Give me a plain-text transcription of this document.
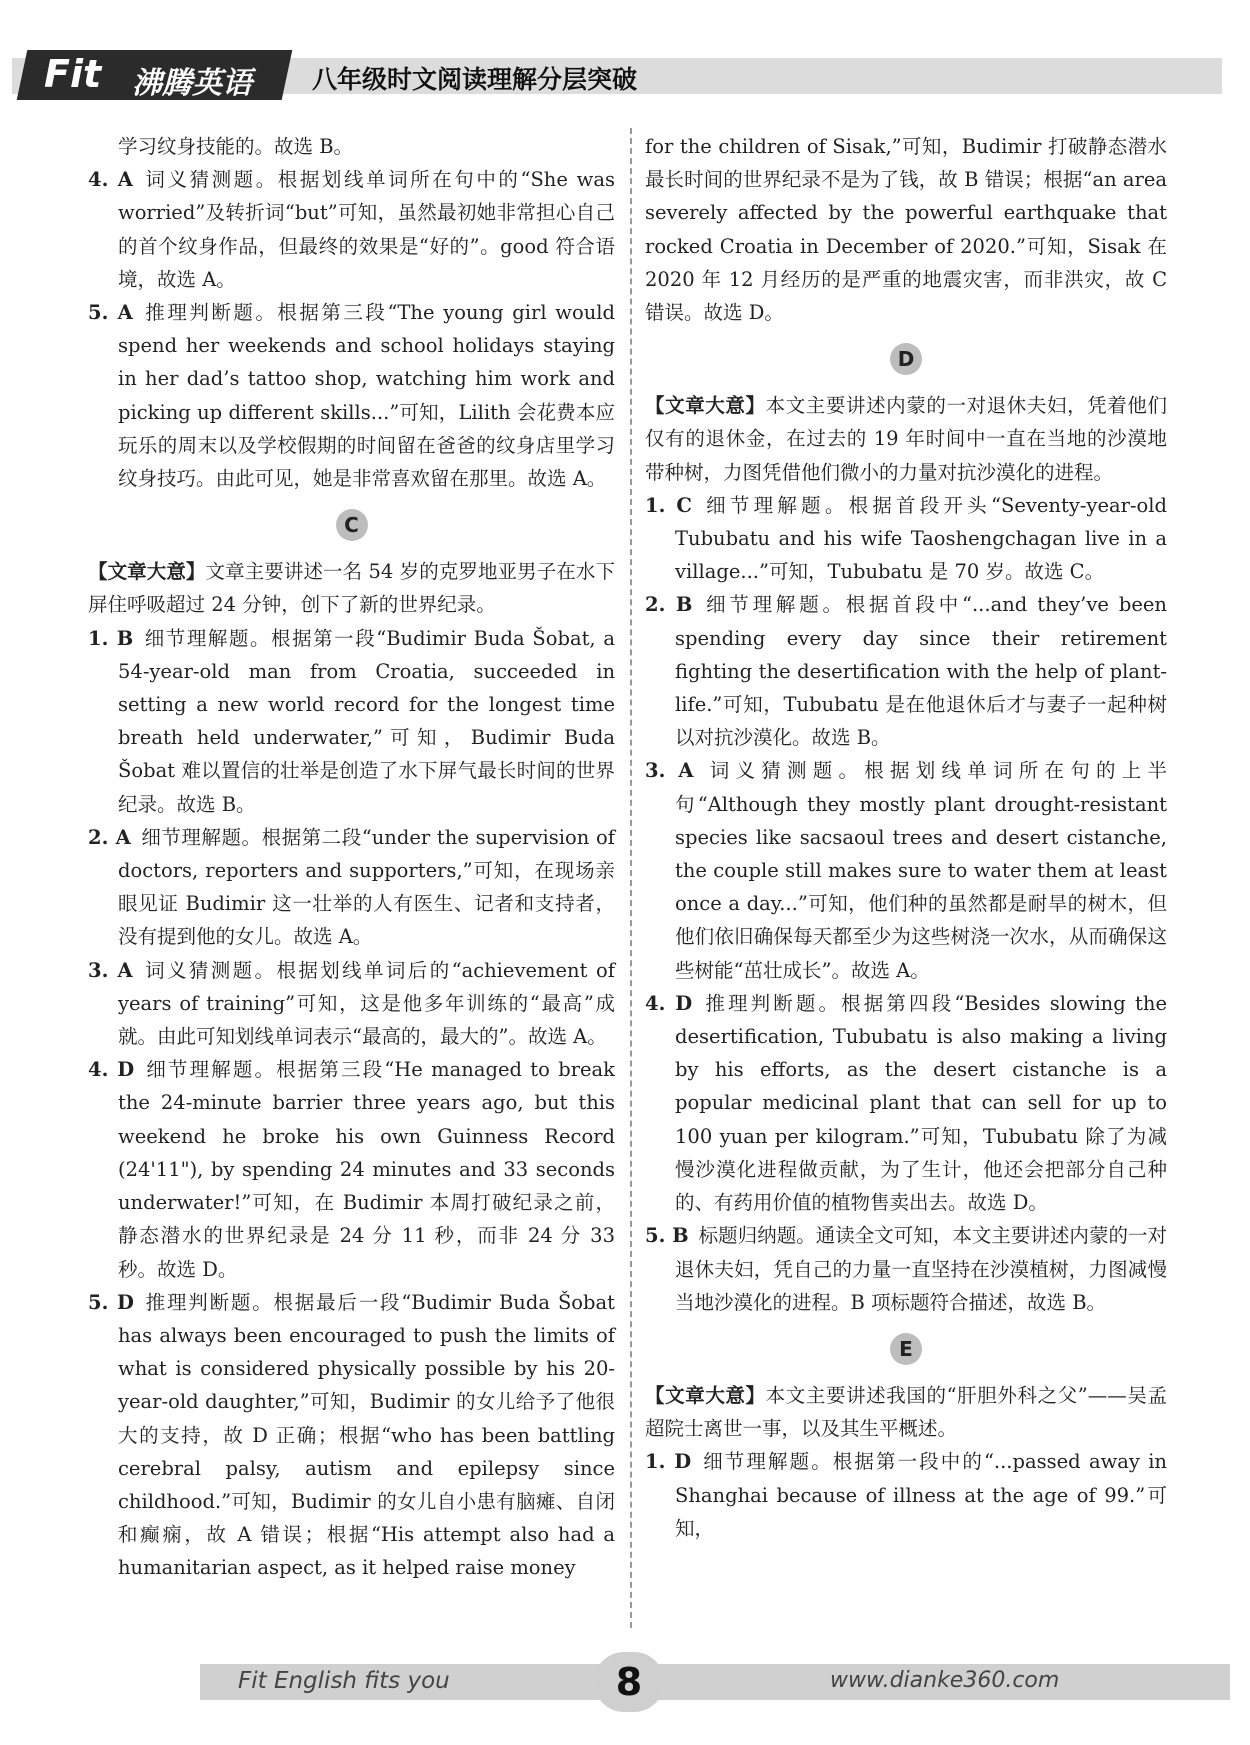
Fit 沸腾英语 八年级时文阅读理解分层突破

学习纹身技能的。故选 B。

4. A 词义猜测题。根据划线单词所在句中的“She was worried”及转折词“but”可知，虽然最初她非常担心自己的首个纹身作品，但最终的效果是“好的”。good 符合语境，故选 A。

5. A 推理判断题。根据第三段“The young girl would spend her weekends and school holidays staying in her dad’s tattoo shop, watching him work and picking up different skills...”可知，Lilith 会花费本应玩乐的周末以及学校假期的时间留在爸爸的纹身店里学习纹身技巧。由此可见，她是非常喜欢留在那里。故选 A。

C

【文章大意】文章主要讲述一名 54 岁的克罗地亚男子在水下屏住呼吸超过 24 分钟，创下了新的世界纪录。

1. B 细节理解题。根据第一段“Budimir Buda Šobat, a 54-year-old man from Croatia, succeeded in setting a new world record for the longest time breath held underwater,”可知，Budimir Buda Šobat 难以置信的壮举是创造了水下屏气最长时间的世界纪录。故选 B。

2. A 细节理解题。根据第二段“under the supervision of doctors, reporters and supporters,”可知，在现场亲眼见证 Budimir 这一壮举的人有医生、记者和支持者，没有提到他的女儿。故选 A。

3. A 词义猜测题。根据划线单词后的“achievement of years of training”可知，这是他多年训练的“最高”成就。由此可知划线单词表示“最高的，最大的”。故选 A。

4. D 细节理解题。根据第三段“He managed to break the 24-minute barrier three years ago, but this weekend he broke his own Guinness Record (24'11"), by spending 24 minutes and 33 seconds underwater!”可知，在 Budimir 本周打破纪录之前，静态潜水的世界纪录是 24 分 11 秒，而非 24 分 33 秒。故选 D。

5. D 推理判断题。根据最后一段“Budimir Buda Šobat has always been encouraged to push the limits of what is considered physically possible by his 20-year-old daughter,”可知，Budimir 的女儿给予了他很大的支持，故 D 正确；根据“who has been battling cerebral palsy, autism and epilepsy since childhood.”可知，Budimir 的女儿自小患有脑瘫、自闭和癫痫，故 A 错误；根据“His attempt also had a humanitarian aspect, as it helped raise money

for the children of Sisak,”可知，Budimir 打破静态潜水最长时间的世界纪录不是为了钱，故 B 错误；根据“an area severely affected by the powerful earthquake that rocked Croatia in December of 2020.”可知，Sisak 在 2020 年 12 月经历的是严重的地震灾害，而非洪灾，故 C 错误。故选 D。

D

【文章大意】本文主要讲述内蒙的一对退休夫妇，凭着他们仅有的退休金，在过去的 19 年时间中一直在当地的沙漠地带种树，力图凭借他们微小的力量对抗沙漠化的进程。

1. C 细节理解题。根据首段开头“Seventy-year-old Tububatu and his wife Taoshengchagan live in a village...”可知，Tububatu 是 70 岁。故选 C。

2. B 细节理解题。根据首段中“...and they’ve been spending every day since their retirement fighting the desertification with the help of plant-life.”可知，Tububatu 是在他退休后才与妻子一起种树以对抗沙漠化。故选 B。

3. A 词义猜测题。根据划线单词所在句的上半句“Although they mostly plant drought-resistant species like sacsaoul trees and desert cistanche, the couple still makes sure to water them at least once a day...”可知，他们种的虽然都是耐旱的树木，但他们依旧确保每天都至少为这些树浇一次水，从而确保这些树能“茁壮成长”。故选 A。

4. D 推理判断题。根据第四段“Besides slowing the desertification, Tububatu is also making a living by his efforts, as the desert cistanche is a popular medicinal plant that can sell for up to 100 yuan per kilogram.”可知，Tububatu 除了为减慢沙漠化进程做贡献，为了生计，他还会把部分自己种的、有药用价值的植物售卖出去。故选 D。

5. B 标题归纳题。通读全文可知，本文主要讲述内蒙的一对退休夫妇，凭自己的力量一直坚持在沙漠植树，力图减慢当地沙漠化的进程。B 项标题符合描述，故选 B。

E

【文章大意】本文主要讲述我国的“肝胆外科之父”——吴孟超院士离世一事，以及其生平概述。

1. D 细节理解题。根据第一段中的“...passed away in Shanghai because of illness at the age of 99.”可知，

Fit English fits you	8	www.dianke360.com
